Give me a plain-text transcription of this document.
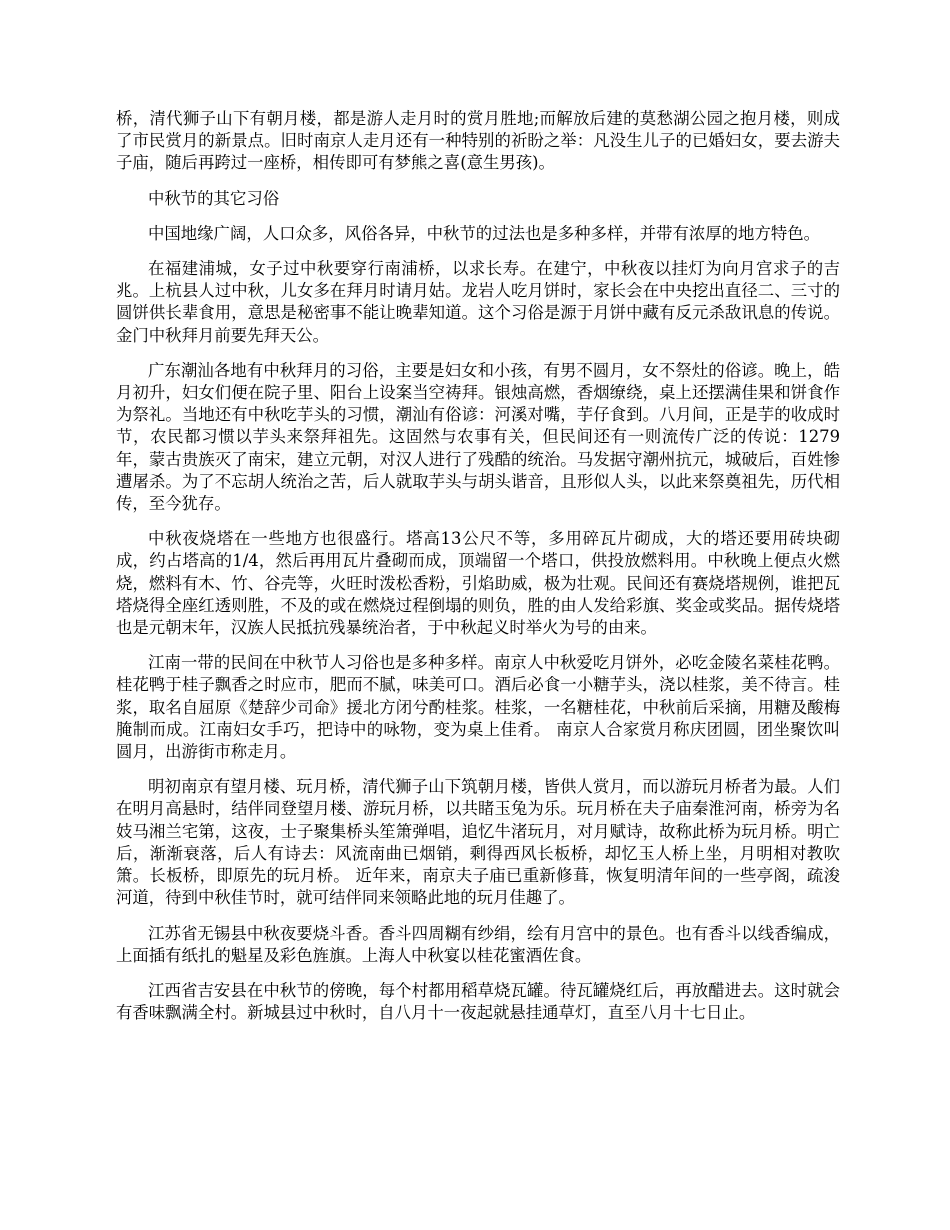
桥，清代狮子山下有朝月楼，都是游人走月时的赏月胜地;而解放后建的莫愁湖公园之抱月楼，则成了市民赏月的新景点。旧时南京人走月还有一种特别的祈盼之举：凡没生儿子的已婚妇女，要去游夫子庙，随后再跨过一座桥，相传即可有梦熊之喜(意生男孩)。

中秋节的其它习俗

中国地缘广阔，人口众多，风俗各异，中秋节的过法也是多种多样，并带有浓厚的地方特色。

在福建浦城，女子过中秋要穿行南浦桥，以求长寿。在建宁，中秋夜以挂灯为向月宫求子的吉兆。上杭县人过中秋，儿女多在拜月时请月姑。龙岩人吃月饼时，家长会在中央挖出直径二、三寸的圆饼供长辈食用，意思是秘密事不能让晚辈知道。这个习俗是源于月饼中藏有反元杀敌讯息的传说。金门中秋拜月前要先拜天公。

广东潮汕各地有中秋拜月的习俗，主要是妇女和小孩，有男不圆月，女不祭灶的俗谚。晚上，皓月初升，妇女们便在院子里、阳台上设案当空祷拜。银烛高燃，香烟缭绕，桌上还摆满佳果和饼食作为祭礼。当地还有中秋吃芋头的习惯，潮汕有俗谚：河溪对嘴，芋仔食到。八月间，正是芋的收成时节，农民都习惯以芋头来祭拜祖先。这固然与农事有关，但民间还有一则流传广泛的传说：1279年，蒙古贵族灭了南宋，建立元朝，对汉人进行了残酷的统治。马发据守潮州抗元，城破后，百姓惨遭屠杀。为了不忘胡人统治之苦，后人就取芋头与胡头谐音，且形似人头，以此来祭奠祖先，历代相传，至今犹存。

中秋夜烧塔在一些地方也很盛行。塔高13公尺不等，多用碎瓦片砌成，大的塔还要用砖块砌成，约占塔高的1/4，然后再用瓦片叠砌而成，顶端留一个塔口，供投放燃料用。中秋晚上便点火燃烧，燃料有木、竹、谷壳等，火旺时泼松香粉，引焰助威，极为壮观。民间还有赛烧塔规例，谁把瓦塔烧得全座红透则胜，不及的或在燃烧过程倒塌的则负，胜的由人发给彩旗、奖金或奖品。据传烧塔也是元朝末年，汉族人民抵抗残暴统治者，于中秋起义时举火为号的由来。

江南一带的民间在中秋节人习俗也是多种多样。南京人中秋爱吃月饼外，必吃金陵名菜桂花鸭。桂花鸭于桂子飘香之时应市，肥而不腻，味美可口。酒后必食一小糖芋头，浇以桂浆，美不待言。桂浆，取名自屈原《楚辞少司命》援北方闭兮酌桂浆。桂浆，一名糖桂花，中秋前后采摘，用糖及酸梅腌制而成。江南妇女手巧，把诗中的咏物，变为桌上佳肴。 南京人合家赏月称庆团圆，团坐聚饮叫圆月，出游街市称走月。

明初南京有望月楼、玩月桥，清代狮子山下筑朝月楼，皆供人赏月，而以游玩月桥者为最。人们在明月高悬时，结伴同登望月楼、游玩月桥，以共睹玉兔为乐。玩月桥在夫子庙秦淮河南，桥旁为名妓马湘兰宅第，这夜，士子聚集桥头笙箫弹唱，追忆牛渚玩月，对月赋诗，故称此桥为玩月桥。明亡后，渐渐衰落，后人有诗去：风流南曲已烟销，剩得西风长板桥，却忆玉人桥上坐，月明相对教吹箫。长板桥，即原先的玩月桥。 近年来，南京夫子庙已重新修葺，恢复明清年间的一些亭阁，疏浚河道，待到中秋佳节时，就可结伴同来领略此地的玩月佳趣了。

江苏省无锡县中秋夜要烧斗香。香斗四周糊有纱绢，绘有月宫中的景色。也有香斗以线香编成，上面插有纸扎的魁星及彩色旌旗。上海人中秋宴以桂花蜜酒佐食。

江西省吉安县在中秋节的傍晚，每个村都用稻草烧瓦罐。待瓦罐烧红后，再放醋进去。这时就会有香味飘满全村。新城县过中秋时，自八月十一夜起就悬挂通草灯，直至八月十七日止。
